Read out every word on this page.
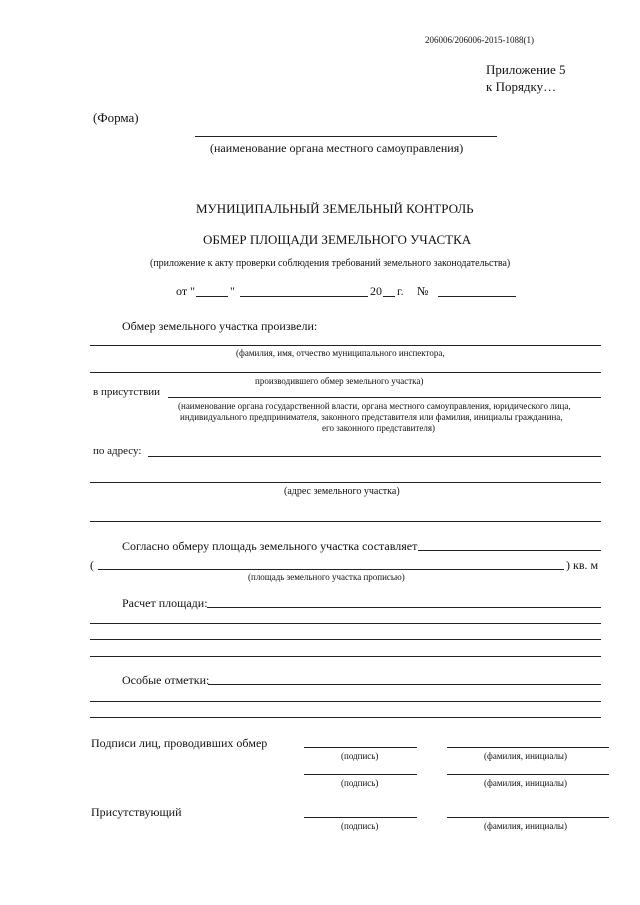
206006/206006-2015-1088(1)
Приложение 5
к Порядку…
(Форма)
(наименование органа местного самоуправления)
МУНИЦИПАЛЬНЫЙ ЗЕМЕЛЬНЫЙ КОНТРОЛЬ
ОБМЕР ПЛОЩАДИ ЗЕМЕЛЬНОГО УЧАСТКА
(приложение к акту проверки соблюдения требований земельного законодательства)
от "	"	20 г. №
Обмер земельного участка произвели:
(фамилия, имя, отчество муниципального инспектора,
производившего обмер земельного участка)
в присутствии
(наименование органа государственной власти, органа местного самоуправления, юридического лица,
индивидуального предпринимателя, законного представителя или фамилия, инициалы гражданина,
его законного представителя)
по адресу:
(адрес земельного участка)
Согласно обмеру площадь земельного участка составляет
(	) кв. м
(площадь земельного участка прописью)
Расчет площади:
Особые отметки:
Подписи лиц, проводивших обмер
(подпись)	(фамилия, инициалы)
(подпись)	(фамилия, инициалы)
Присутствующий
(подпись)	(фамилия, инициалы)
